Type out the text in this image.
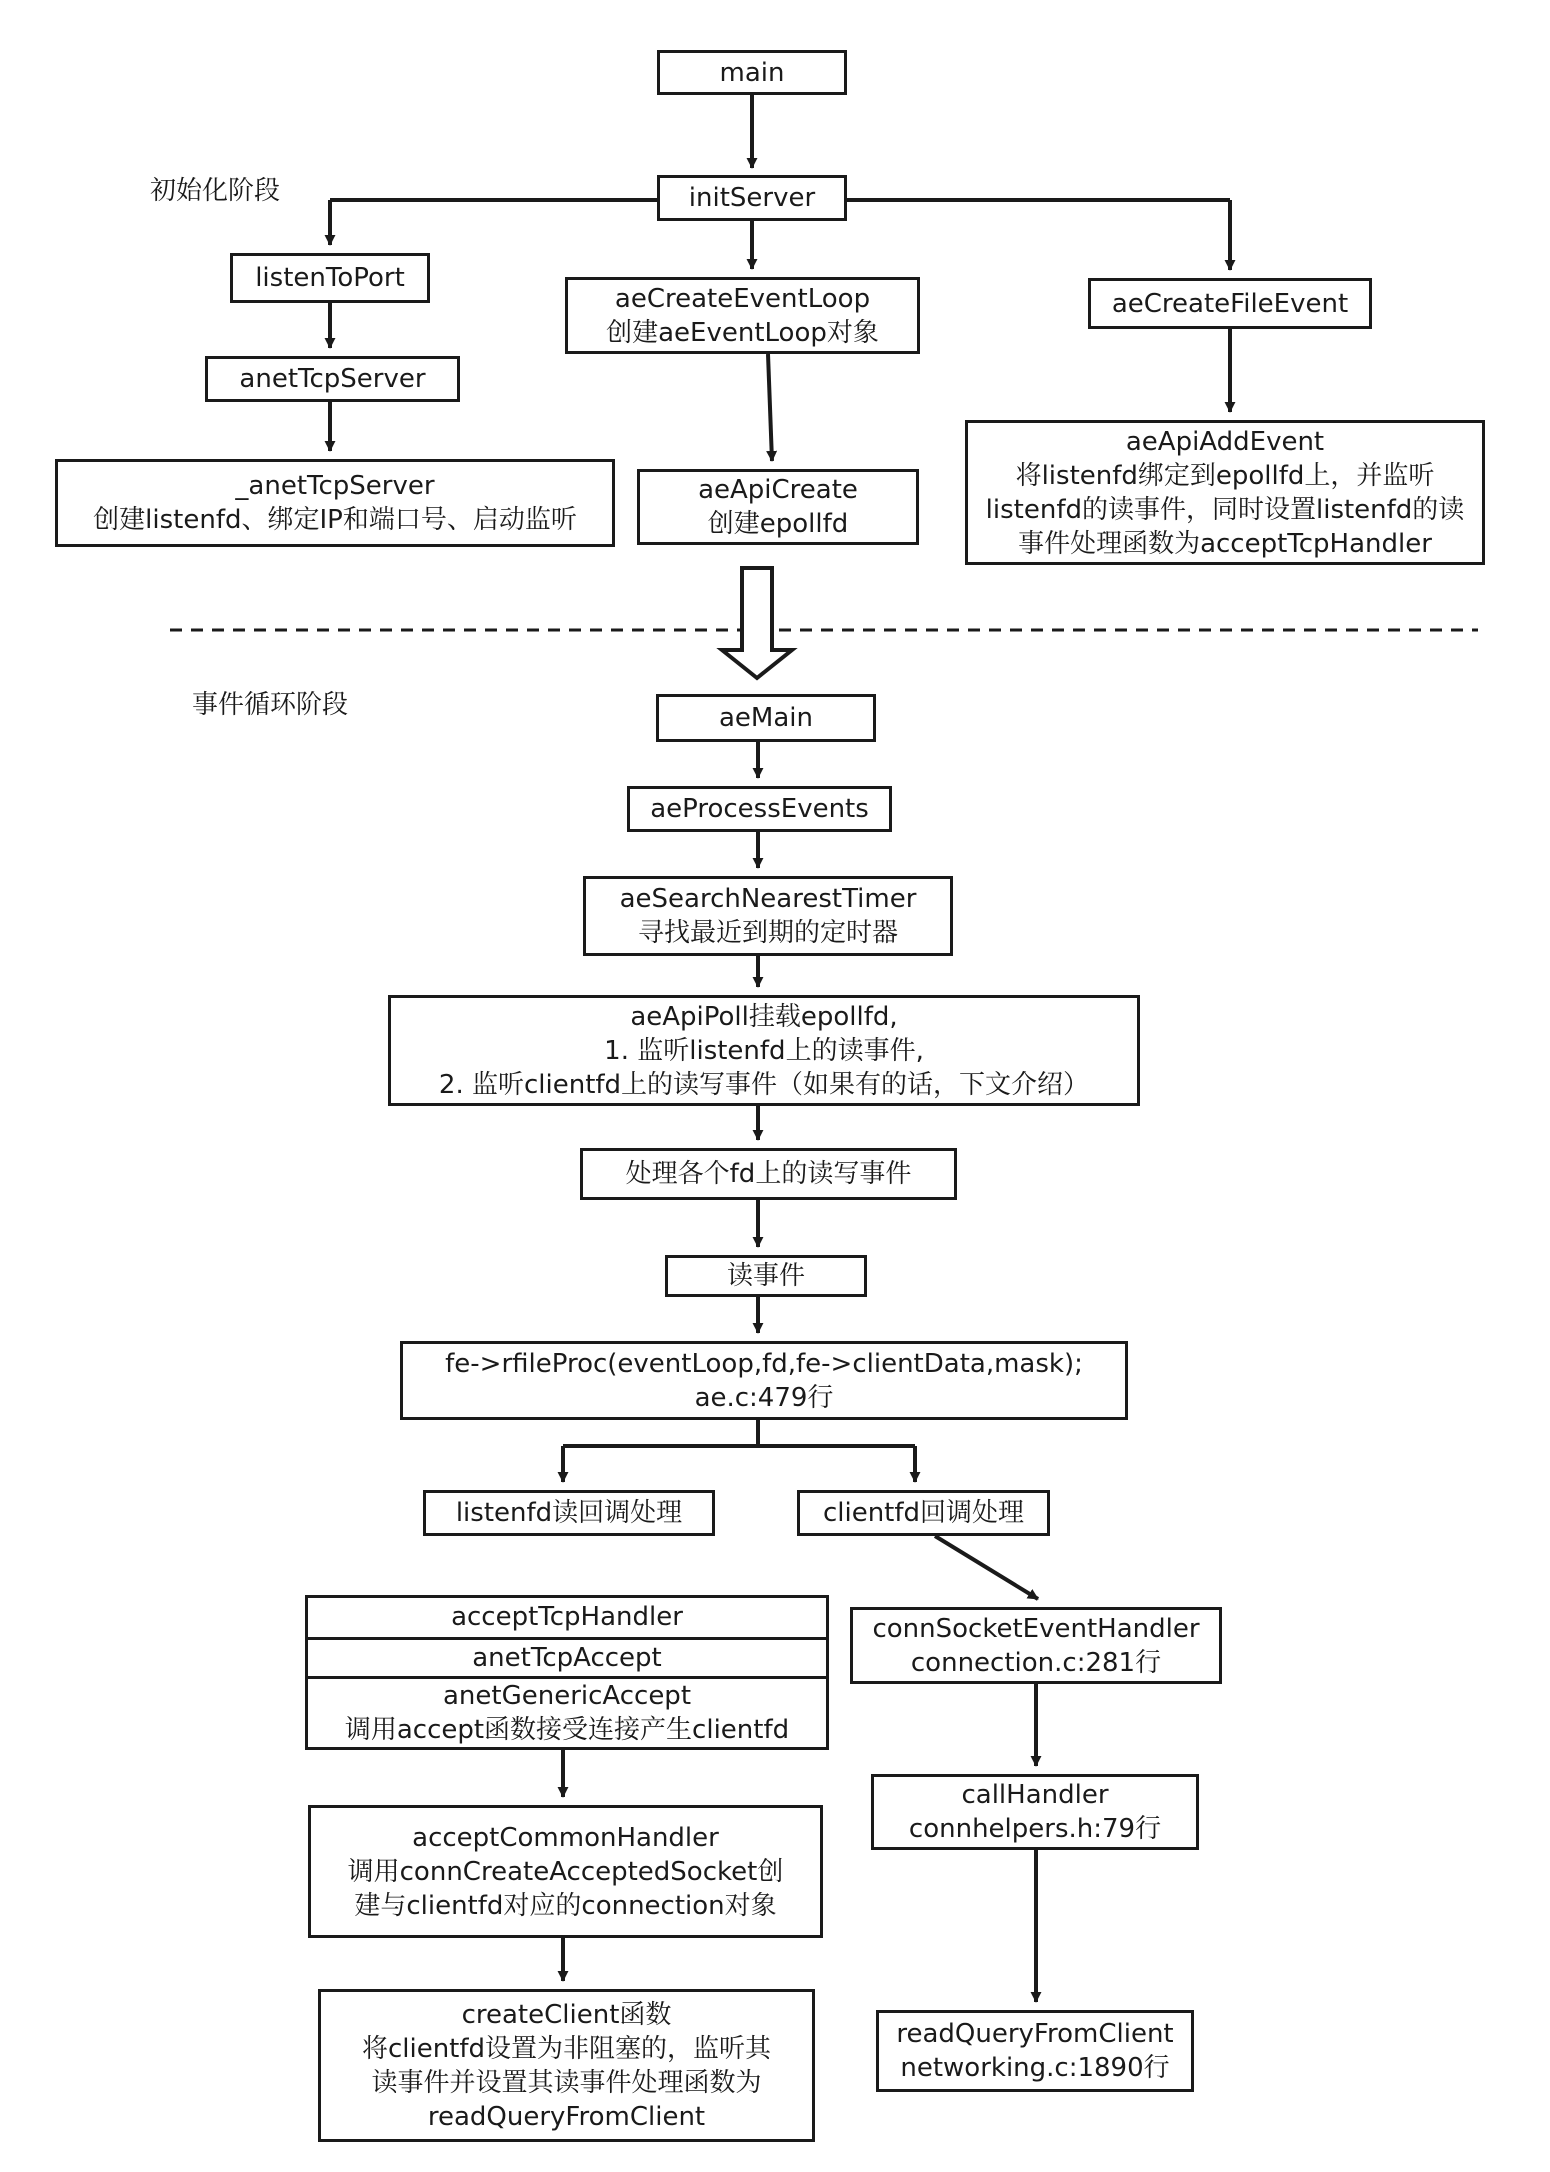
初始化阶段
事件循环阶段
main
initServer
listenToPort
anetTcpServer
_anetTcpServer
创建listenfd、绑定IP和端口号、启动监听
aeCreateEventLoop
创建aeEventLoop对象
aeApiCreate
创建epollfd
aeCreateFileEvent
aeApiAddEvent
将listenfd绑定到epollfd上，并监听
listenfd的读事件，同时设置listenfd的读
事件处理函数为acceptTcpHandler
aeMain
aeProcessEvents
aeSearchNearestTimer
寻找最近到期的定时器
aeApiPoll挂载epollfd,
1. 监听listenfd上的读事件,
2. 监听clientfd上的读写事件（如果有的话，下文介绍）
处理各个fd上的读写事件
读事件
fe->rfileProc(eventLoop,fd,fe->clientData,mask);
ae.c:479行
listenfd读回调处理	clientfd回调处理
acceptTcpHandler
anetTcpAccept
anetGenericAccept
调用accept函数接受连接产生clientfd
acceptCommonHandler
调用connCreateAcceptedSocket创
建与clientfd对应的connection对象
createClient函数
将clientfd设置为非阻塞的，监听其
读事件并设置其读事件处理函数为
readQueryFromClient
connSocketEventHandler
connection.c:281行
callHandler
connhelpers.h:79行
readQueryFromClient
networking.c:1890行
